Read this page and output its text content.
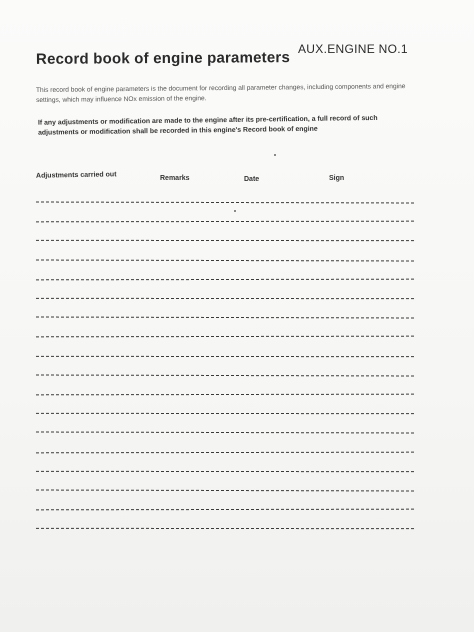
Record book of engine parameters
AUX.ENGINE NO.1
This record book of engine parameters is the document for recording all parameter changes, including components and engine settings, which may influence NOx emission of the engine.
If any adjustments or modification are made to the engine after its pre-certification, a full record of such adjustments or modification shall be recorded in this engine's Record book of engine
Adjustments carried out	Remarks	Date	Sign
